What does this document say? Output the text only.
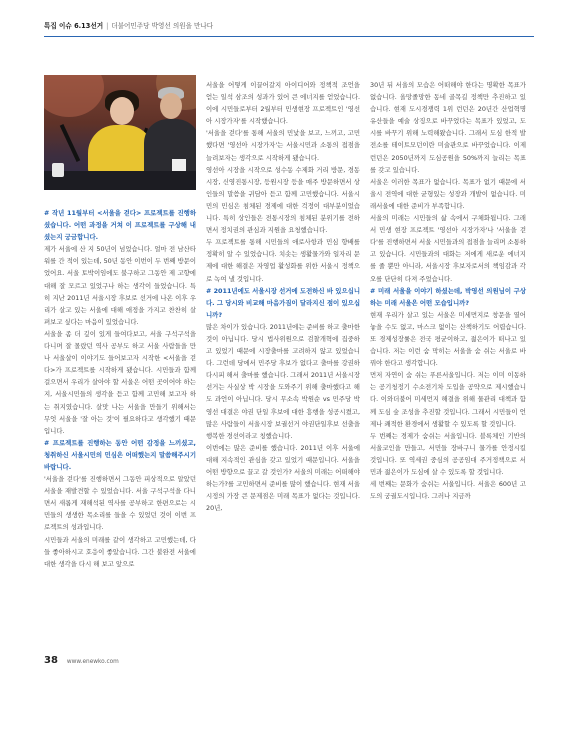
특집 이슈 6.13선거 | 더불어민주당 박영선 의원을 만나다

# 작년 11월부터 <서울을 걷다> 프로젝트를 진행하셨습니다. 어떤 과정을 거쳐 이 프로젝트를 구상해 내셨는지 궁금합니다.

제가 서울에 산 지 50년이 넘었습니다. 얼마 전 남산타워를 간 적이 있는데, 50년 동안 이번이 두 번째 방문이었어요. 서울 토박이임에도 불구하고 그동안 제 고향에 대해 잘 모르고 있었구나 하는 생각이 들었습니다. 특히 지난 2011년 서울시장 후보로 선거에 나온 이후 우리가 살고 있는 서울에 대해 애정을 가지고 찬찬히 살펴보고 싶다는 마음이 있었습니다.

서울을 좀 더 깊이 있게 들여다보고, 서울 구석구석을 다니며 잘 몰랐던 역사 공부도 하고 서울 사람들을 만나 서울살이 이야기도 들어보고자 시작한 <서울을 걷다>가 프로젝트를 시작하게 됐습니다. 시민들과 함께 걸으면서 우리가 살아야 할 서울은 어떤 곳이어야 하는 지, 서울시민들의 생각을 듣고 함께 고민해 보고자 하는 취지였습니다. 살맛 나는 서울을 만들기 위해서는 무엇 서울을 '잘 아는 것'이 필요하다고 생각했기 때문입니다.

# 프로젝트를 진행하는 동안 어떤 감정을 느끼셨고, 청취하신 서울시민의 민심은 어떠했는지 말씀해주시기 바랍니다.

'서울을 걷다'를 진행하면서 그동안 피상적으로 알았던 서울을 재발견할 수 있었습니다. 서울 구석구석을 다니면서 새롭게 재해석된 역사를 공부하고 한편으로는 시민들의 생생한 목소리를 들을 수 있었던 것이 이번 프로젝트의 성과입니다.

시민들과 서울의 미래를 같이 생각하고 고민했는데, 다들 좋아하시고 호응이 좋았습니다. 그간 불완전 서울에 대한 생각을 다시 해 보고 앞으로

서울을 어떻게 이끌어갈지 아이디어와 정책적 조언을 얻는 일석 삼조의 성과가 있어 큰 에너지를 얻었습니다. 이에 시민들로부터 2월부터 민생현장 프로젝트인 '영선아 시장가자'를 시작했습니다.

'서울을 걷다'를 통해 서울의 민낯을 보고, 느끼고, 고민했다면 '영선아 시장가자'는 서울시민과 소통의 접점을 늘려보자는 생각으로 시작하게 됐습니다.

영선아 시장을 시작으로 성수동 수제화 거리 방문, 경동시장, 신영진통시장, 등원시장 등을 매주 방문하면서 상인들의 말씀을 귀담아 듣고 함께 고민했습니다. 서울시민의 민심은 침체된 경제에 대한 걱정이 대부분이었습니다. 특히 상인들은 전통시장의 침체된 분위기를 전하면서 정치권의 관심과 지원을 요청했습니다.

두 프로젝트를 통해 시민들의 애로사항과 민심 향배를 정확히 알 수 있었습니다. 치솟는 생활물가와 일자리 문제에 대한 해결은 자영업 활성화를 위한 서울시 정책으로 녹여 낼 것입니다.

# 2011년에도 서울시장 선거에 도전하신 바 있으십니다. 그 당시와 비교해 마음가짐이 달라지신 점이 있으십니까?

많은 차이가 있습니다. 2011년에는 준비를 하고 출마한 것이 아닙니다. 당시 법사위원으로 검찰개혁에 집중하고 있었기 때문에 시장출마를 고려하지 않고 있었습니다. 그런데 당에서 민주당 후보가 없다고 출마를 강권하다시피 해서 출마를 했습니다. 그래서 2011년 서울시장 선거는 사실상 박 시장을 도와주기 위해 출마했다고 해도 과언이 아닙니다. 당시 무소속 박원순 vs 민주당 박영선 대결은 야권 단일 후보에 대한 흥행을 성공시켰고, 많은 사람들이 서울시장 보궐선거 야권단일후보 선출을 행복한 경선이라고 칭했습니다.

이번에는 많은 준비를 했습니다. 2011년 이후 서울에 대해 지속적인 관심을 갖고 있었기 때문입니다. 서울을 어떤 방향으로 끌고 갈 것인가? 서울의 미래는 어떠해야 하는가?를 고민하면서 준비를 많이 했습니다. 현재 서울시정의 가장 큰 문제점은 미래 목표가 없다는 것입니다. 20년,

30년 뒤 서울의 모습은 어떠해야 한다는 명확한 목표가 없습니다. 올망졸망한 동네 골목길 정책만 추진하고 있습니다. 현재 도시경쟁력 1위 런던은 20년간 산업혁명 유산들을 예술 상징으로 바꾸었다는 목표가 있었고, 도시를 바꾸기 위해 노력해왔습니다. 그래서 도심 한적 발전소를 테이트모던이란 미술관으로 바꾸었습니다. 이제 런던은 2050년까지 도심공원을 50%까지 늘리는 목표를 갖고 있습니다.

서울은 이러한 목표가 없습니다. 목표가 없기 때문에 서울시 전역에 대한 균형있는 성장과 개발이 없습니다. 미래서울에 대한 준비가 부족합니다.

서울의 미래는 시민들의 삶 속에서 구체화됩니다. 그래서 민생 현장 프로젝트 '영선아 시장가자'나 '서울을 걷다'를 진행하면서 서울 시민들과의 접점을 늘리며 소통하고 있습니다. 시민들과의 대화는 저에게 새로운 에너지를 줄 뿐만 아니라, 서울시장 후보자로서의 책임감과 각오를 단단히 다져 주었습니다.

# 미래 서울을 이야기 하셨는데, 박영선 의원님이 구상하는 미래 서울은 어떤 모습입니까?

현재 우리가 살고 있는 서울은 미세먼지로 창문을 열어놓을 수도 없고, 마스크 없이는 산책하기도 어렵습니다. 또 경제성장률은 전국 평균이하고, 젊은이가 떠나고 있습니다. 저는 이런 숨 막히는 서울을 숨 쉬는 서울로 바꿔야 한다고 생각합니다.

먼저 자연이 숨 쉬는 푸른서울입니다. 저는 이미 이동하는 공기청정기 수소전기차 도입을 공약으로 제시했습니다. 이와더불어 미세먼지 해결을 위해 물관리 대책과 함께 도심 숲 조성을 추진할 것입니다. 그래서 시민들이 언제나 쾌적한 환경에서 생활할 수 있도록 할 것입니다.

두 번째는 경제가 숨쉬는 서울입니다. 블록체인 기반의 서울코인을 만들고, 서민들 장바구니 물가를 안정시킬 것입니다. 또 역세권 중심의 공공임대 주거정책으로 서민과 젊은이가 도심에 살 수 있도록 할 것입니다.

세 번째는 문화가 숨쉬는 서울입니다. 서울은 600년 고도의 궁궐도시입니다. 그러나 지금까

38 www.enewko.com
